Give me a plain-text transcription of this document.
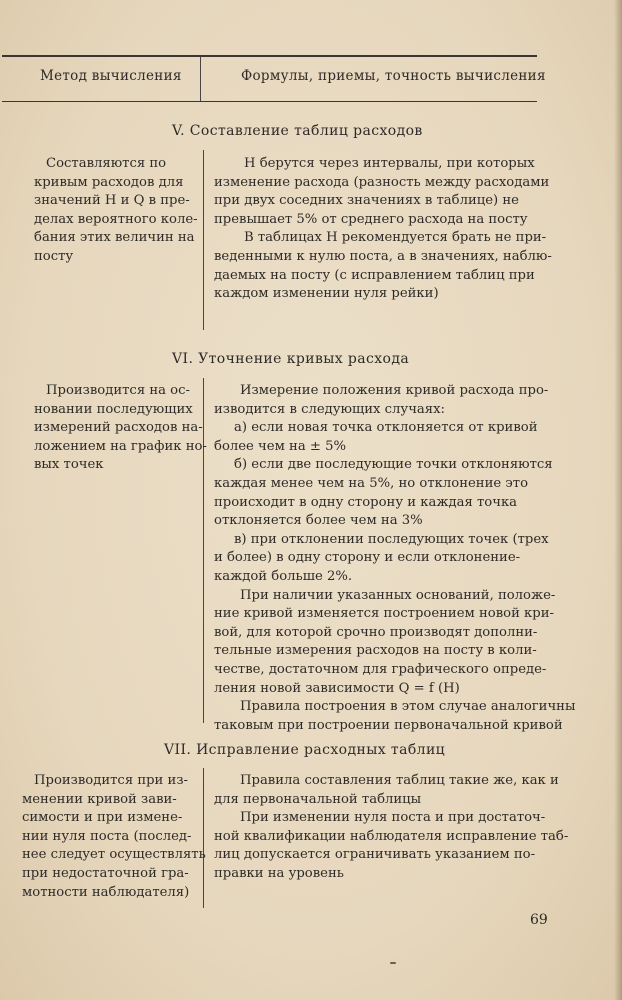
Метод вычисления	Формулы, приемы, точность вычисления
V. Составление таблиц расходов
Составляются по
кривым расходов для
значений H и Q в пре-
делах вероятного коле-
бания этих величин на
посту
H берутся через интервалы, при которых
изменение расхода (разность между расходами
при двух соседних значениях в таблице) не
превышает 5% от среднего расхода на посту
В таблицах H рекомендуется брать не при-
веденными к нулю поста, а в значениях, наблю-
даемых на посту (с исправлением таблиц при
каждом изменении нуля рейки)
VI. Уточнение кривых расхода
Производится на ос-
новании последующих
измерений расходов на-
ложением на график но-
вых точек
Измерение положения кривой расхода про-
изводится в следующих случаях:
а) если новая точка отклоняется от кривой
более чем на ± 5%
б) если две последующие точки отклоняются
каждая менее чем на 5%, но отклонение это
происходит в одну сторону и каждая точка
отклоняется более чем на 3%
в) при отклонении последующих точек (трех
и более) в одну сторону и если отклонение-
каждой больше 2%.
При наличии указанных оснований, положе-
ние кривой изменяется построением новой кри-
вой, для которой срочно производят дополни-
тельные измерения расходов на посту в коли-
честве, достаточном для графического опреде-
ления новой зависимости Q = f (H)
Правила построения в этом случае аналогичны
таковым при построении первоначальной кривой
VII. Исправление расходных таблиц
Производится при из-
менении кривой зави-
симости и при измене-
нии нуля поста (послед-
нее следует осуществлять
при недостаточной гра-
мотности наблюдателя)
Правила составления таблиц такие же, как и
для первоначальной таблицы
При изменении нуля поста и при достаточ-
ной квалификации наблюдателя исправление таб-
лиц допускается ограничивать указанием по-
правки на уровень
69
